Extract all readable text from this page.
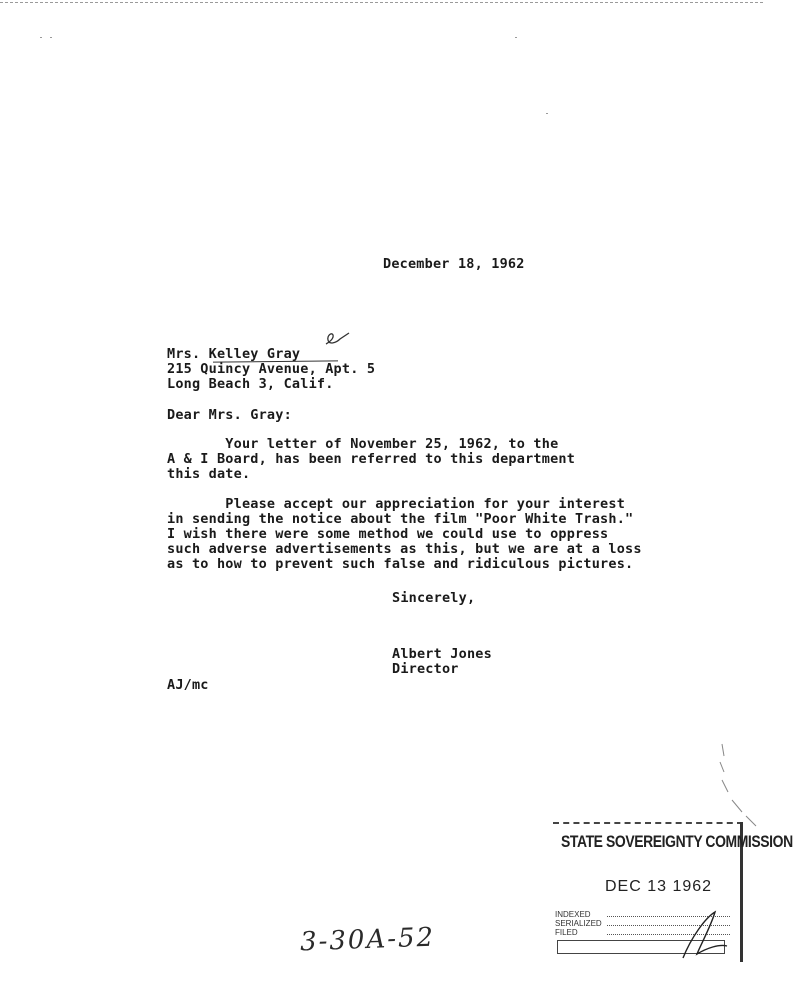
December 18, 1962
Mrs. Kelley Gray
215 Quincy Avenue, Apt. 5
Long Beach 3, Calif.
Dear Mrs. Gray:
Your letter of November 25, 1962, to the
A & I Board, has been referred to this department
this date.

Please accept our appreciation for your interest
in sending the notice about the film "Poor White Trash."
I wish there were some method we could use to oppress
such adverse advertisements as this, but we are at a loss
as to how to prevent such false and ridiculous pictures.
Sincerely,
Albert Jones
Director
AJ/mc
STATE SOVEREIGNTY COMMISSION
DEC 13 1962
INDEXED
SERIALIZED
FILED
3-30A-52
